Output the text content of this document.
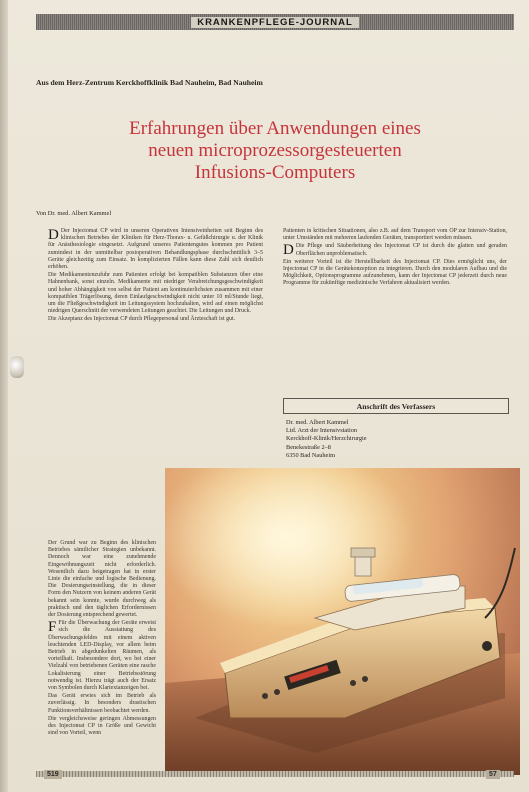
KRANKENPFLEGE-JOURNAL
Aus dem Herz-Zentrum Kerckhoffklinik Bad Nauheim, Bad Nauheim
Erfahrungen über Anwendungen eines
neuen microprozessorgesteuerten
Infusions-Computers
Von Dr. med. Albert Kammel

D Der Injectomat CP wird in unseren Operativen Intensiveinheiten seit Beginn des klinischen Betriebes der Kliniken für Herz-Thorax- u. Gefäßchirurgie u. der Klinik für Anästhesiologie eingesetzt. Aufgrund unseres Patientengutes kommen pro Patient zumindest in der unmittelbar postoperativen Behandlungsphase durchschnittlich 3–5 Geräte gleichzeitig zum Einsatz. In komplizierten Fällen kann diese Zahl sich deutlich erhöhen.

Die Medikamentenzufuhr zum Patienten erfolgt bei kompatiblen Substanzen über eine Hahnenbank, sonst einzeln. Medikamente mit niedriger Verabreichungsgeschwindigkeit und hoher Abhängigkeit von selbst der Patient am kontinuierlichsten zusammen mit einer kompatiblen Trägerlösung, deren Einlaufgeschwindigkeit nicht unter 10 ml/Stunde liegt, um die Fließgeschwindigkeit im Leitungssystem hochzuhalten, wird auf einen möglichst niedrigen Querschnitt der verwendeten Leitungen geachtet. Die Leitungen und Druck.

Die Akzeptanz des Injectomat CP durch Pflegepersonal und Ärzteschaft ist gut.

Der Grund war zu Beginn des klinischen Betriebes sämtlicher Strategien unbekannt. Dennoch war eine zunehmende Eingewöhnungszeit nicht erforderlich. Wesentlich dazu beigetragen hat in erster Linie die einfache und logische Bedienung. Die Dosierungseinstellung, die in dieser Form den Nutzern von keinem anderen Gerät bekannt sein konnte, wurde durchweg als praktisch und den täglichen Erfordernissen der Dosierung entsprechend gewertet.

F Für die Überwachung der Geräte erweist sich die Ausstattung des Überwachungsfeldes mit einem aktiven leuchtenden LED-Display, vor allem beim Betrieb in abgedunkelten Räumen, als vorteilhaft. Insbesondere dort, wo bei einer Vielzahl von betriebenen Geräten eine rasche Lokalisierung einer Betriebsstörung notwendig ist. Hierzu trägt auch der Ersatz von Symbolen durch Klartextanzeigen bei.

Das Gerät erwies sich im Betrieb als zuverlässig. In besonders drastischen Funktionsverhältnissen beobachtet werden.

Die vergleichsweise geringen Abmessungen des Injectomat CP in Größe und Gewicht sind von Vorteil, wenn

Patienten in kritischen Situationen, also z.B. auf dem Transport vom OP zur Intensiv-Station, unter Umständen mit mehreren laufenden Geräten, transportiert werden müssen.

D Die Pflege und Säuberheitung des Injectomat CP ist durch die glatten und geraden Oberflächen unproblematisch.

Ein weiterer Vorteil ist die Herstellbarkeit des Injectomat CP. Dies ermöglicht uns, der Injectomat CP in die Gerätekonzeption zu integrieren. Durch den modularen Aufbau und die Möglichkeit, Optionsprogramme aufzunehmen, kann der Injectomat CP jederzeit durch neue Programme für zukünftige medizinische Verfahren aktualisiert werden.

Anschrift des Verfassers
Dr. med. Albert Kammel
Ltd. Arzt der Intensivstation
Kerckhoff-Klinik/Herzchirurgie
Benekestraße 2–8
6350 Bad Nauheim
519	57
